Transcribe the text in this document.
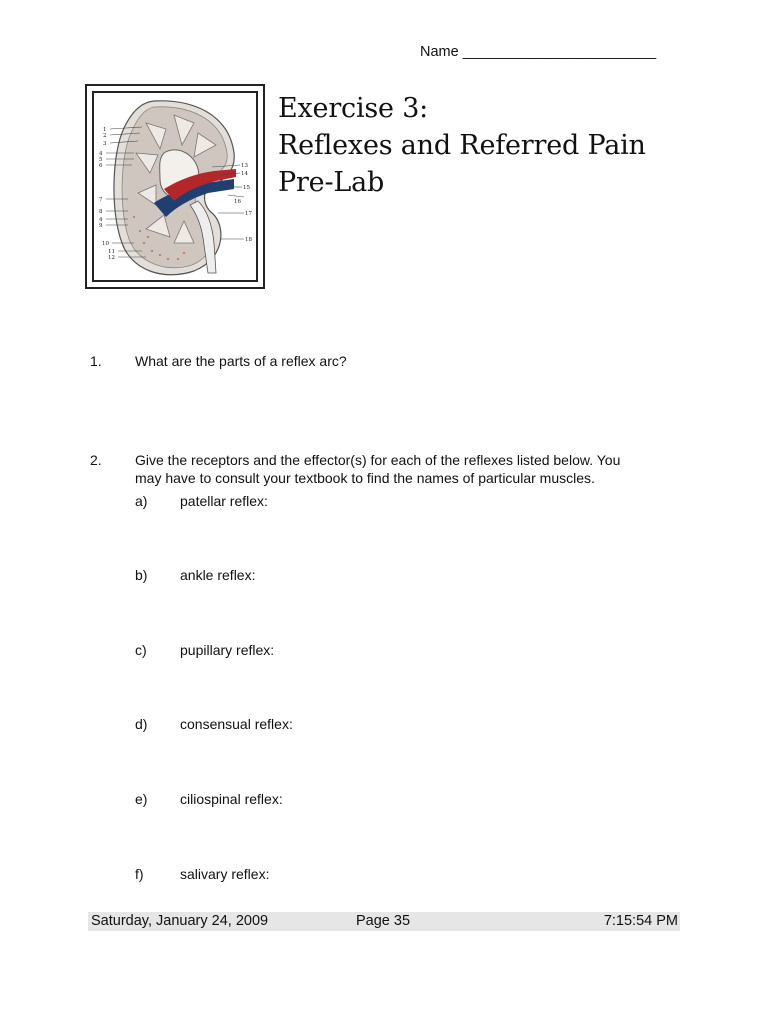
Name ________________________
1
2
3
4
5
6
7
8
4
9
10
11
12
13
14
15
16
17
18
Exercise 3:
Reflexes and Referred Pain
Pre-Lab
1. What are the parts of a reflex arc?
2. Give the receptors and the effector(s) for each of the reflexes listed below. You
may have to consult your textbook to find the names of particular muscles.
a) patellar reflex:
b) ankle reflex:
c) pupillary reflex:
d) consensual reflex:
e) ciliospinal reflex:
f)	salivary reflex:
Saturday, January 24, 2009	Page 35	7:15:54 PM
